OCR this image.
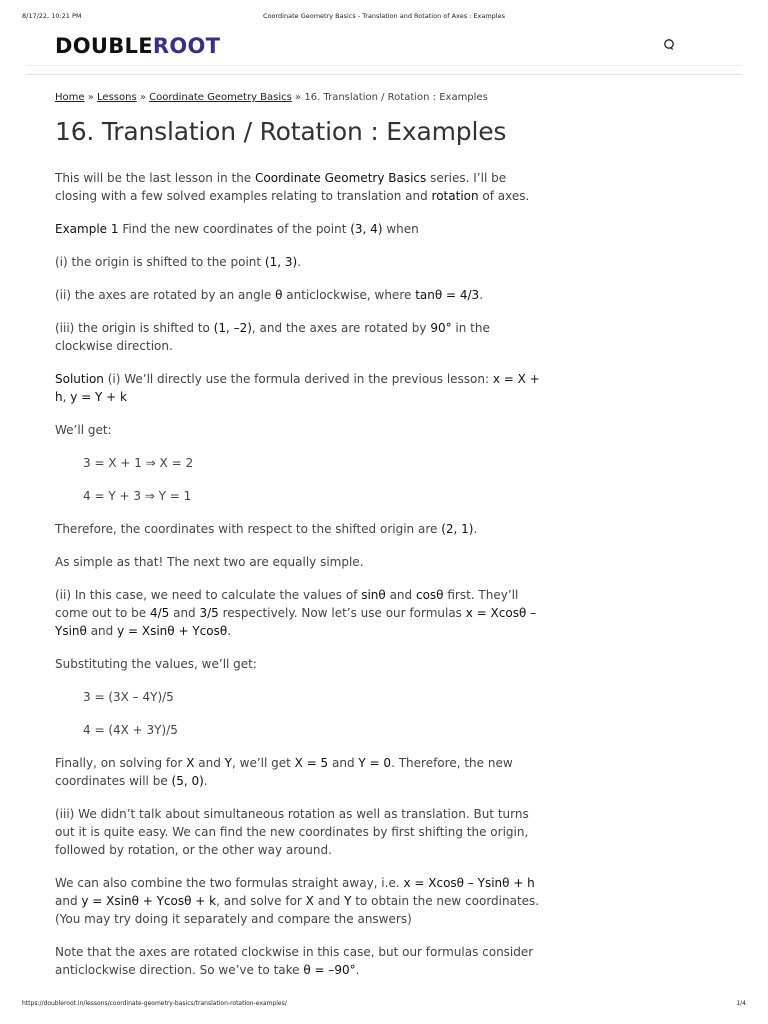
8/17/22, 10:21 PM	Coordinate Geometry Basics - Translation and Rotation of Axes : Examples
DOUBLEROOT
Home » Lessons » Coordinate Geometry Basics » 16. Translation / Rotation : Examples
16. Translation / Rotation : Examples

This will be the last lesson in the Coordinate Geometry Basics series. I’ll be closing with a few solved examples relating to translation and rotation of axes.

Example 1 Find the new coordinates of the point (3, 4) when

(i) the origin is shifted to the point (1, 3).

(ii) the axes are rotated by an angle θ anticlockwise, where tanθ = 4/3.

(iii) the origin is shifted to (1, –2), and the axes are rotated by 90° in the clockwise direction.

Solution (i) We’ll directly use the formula derived in the previous lesson: x = X + h, y = Y + k

We’ll get:

3 = X + 1 ⇒ X = 2

4 = Y + 3 ⇒ Y = 1

Therefore, the coordinates with respect to the shifted origin are (2, 1).

As simple as that! The next two are equally simple.

(ii) In this case, we need to calculate the values of sinθ and cosθ first. They’ll come out to be 4/5 and 3/5 respectively. Now let’s use our formulas x = Xcosθ – Ysinθ and y = Xsinθ + Ycosθ.

Substituting the values, we’ll get:

3 = (3X – 4Y)/5

4 = (4X + 3Y)/5

Finally, on solving for X and Y, we’ll get X = 5 and Y = 0. Therefore, the new coordinates will be (5, 0).

(iii) We didn’t talk about simultaneous rotation as well as translation. But turns out it is quite easy. We can find the new coordinates by first shifting the origin, followed by rotation, or the other way around.

We can also combine the two formulas straight away, i.e. x = Xcosθ – Ysinθ + h and y = Xsinθ + Ycosθ + k, and solve for X and Y to obtain the new coordinates. (You may try doing it separately and compare the answers)

Note that the axes are rotated clockwise in this case, but our formulas consider anticlockwise direction. So we’ve to take θ = –90°.

https://doubleroot.in/lessons/coordinate-geometry-basics/translation-rotation-examples/	1/4
